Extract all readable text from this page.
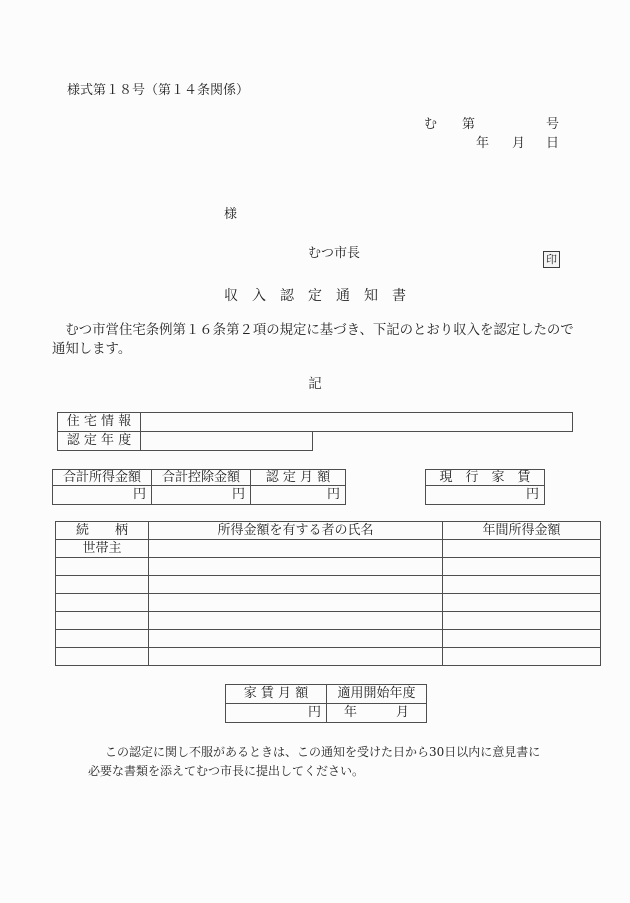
様式第１８号（第１４条関係）
む 第	号
年 月 日
様
むつ市長	印
収　入　認　定　通　知　書
　むつ市営住宅条例第１６条第２項の規定に基づき、下記のとおり収入を認定したので
通知します。
記
住 宅 情 報
認 定 年 度
合計所得金額	合計控除金額	認 定 月 額
円	円	円
現　行　家　賃
円
続　　柄	所得金額を有する者の氏名	年間所得金額
世帯主		

家 賃 月 額	適用開始年度
円	年　　　月
この認定に関し不服があるときは、この通知を受けた日から30日以内に意見書に
必要な書類を添えてむつ市長に提出してください。
